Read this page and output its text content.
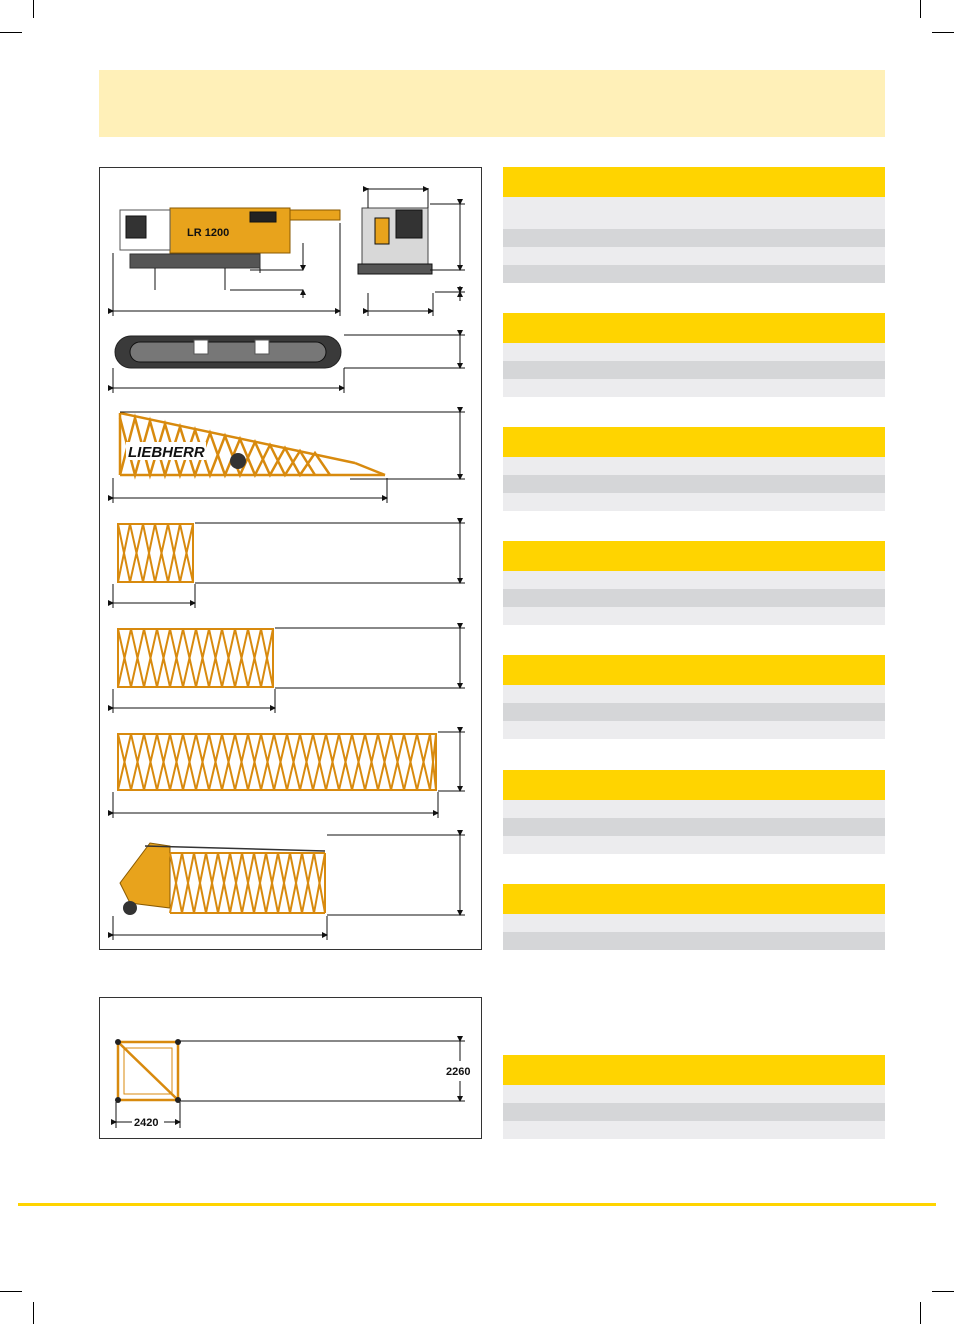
LR 1200
LIEBHERR
2260
2420
